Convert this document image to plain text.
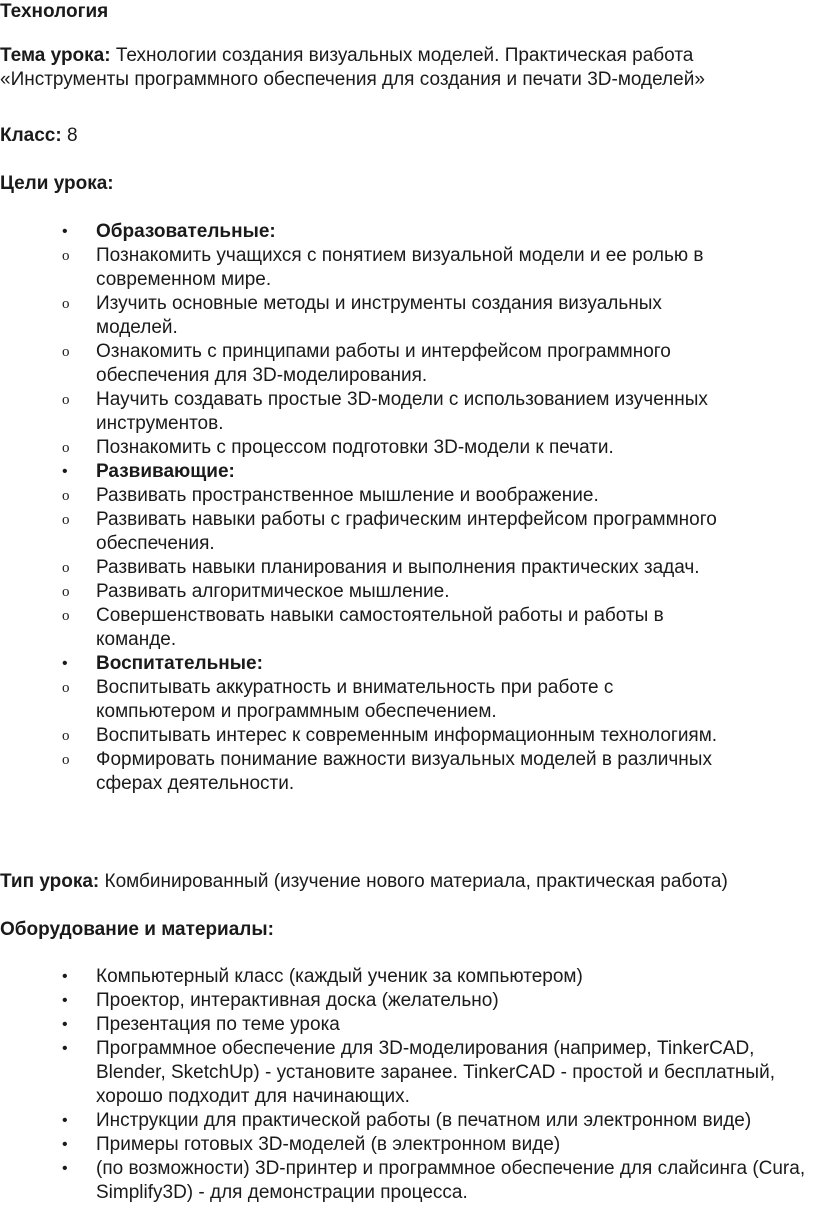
Технология

Тема урока: Технологии создания визуальных моделей. Практическая работа «Инструменты программного обеспечения для создания и печати 3D-моделей»

Класс: 8

Цели урока:

• Образовательные:
o Познакомить учащихся с понятием визуальной модели и ее ролью в современном мире.
o Изучить основные методы и инструменты создания визуальных моделей.
o Ознакомить с принципами работы и интерфейсом программного обеспечения для 3D-моделирования.
o Научить создавать простые 3D-модели с использованием изученных инструментов.
o Познакомить с процессом подготовки 3D-модели к печати.
• Развивающие:
o Развивать пространственное мышление и воображение.
o Развивать навыки работы с графическим интерфейсом программного обеспечения.
o Развивать навыки планирования и выполнения практических задач.
o Развивать алгоритмическое мышление.
o Совершенствовать навыки самостоятельной работы и работы в команде.
• Воспитательные:
o Воспитывать аккуратность и внимательность при работе с компьютером и программным обеспечением.
o Воспитывать интерес к современным информационным технологиям.
o Формировать понимание важности визуальных моделей в различных сферах деятельности.

Тип урока: Комбинированный (изучение нового материала, практическая работа)

Оборудование и материалы:

• Компьютерный класс (каждый ученик за компьютером)
• Проектор, интерактивная доска (желательно)
• Презентация по теме урока
• Программное обеспечение для 3D-моделирования (например, TinkerCAD, Blender, SketchUp) - установите заранее. TinkerCAD - простой и бесплатный, хорошо подходит для начинающих.
• Инструкции для практической работы (в печатном или электронном виде)
• Примеры готовых 3D-моделей (в электронном виде)
• (по возможности) 3D-принтер и программное обеспечение для слайсинга (Cura, Simplify3D) - для демонстрации процесса.
